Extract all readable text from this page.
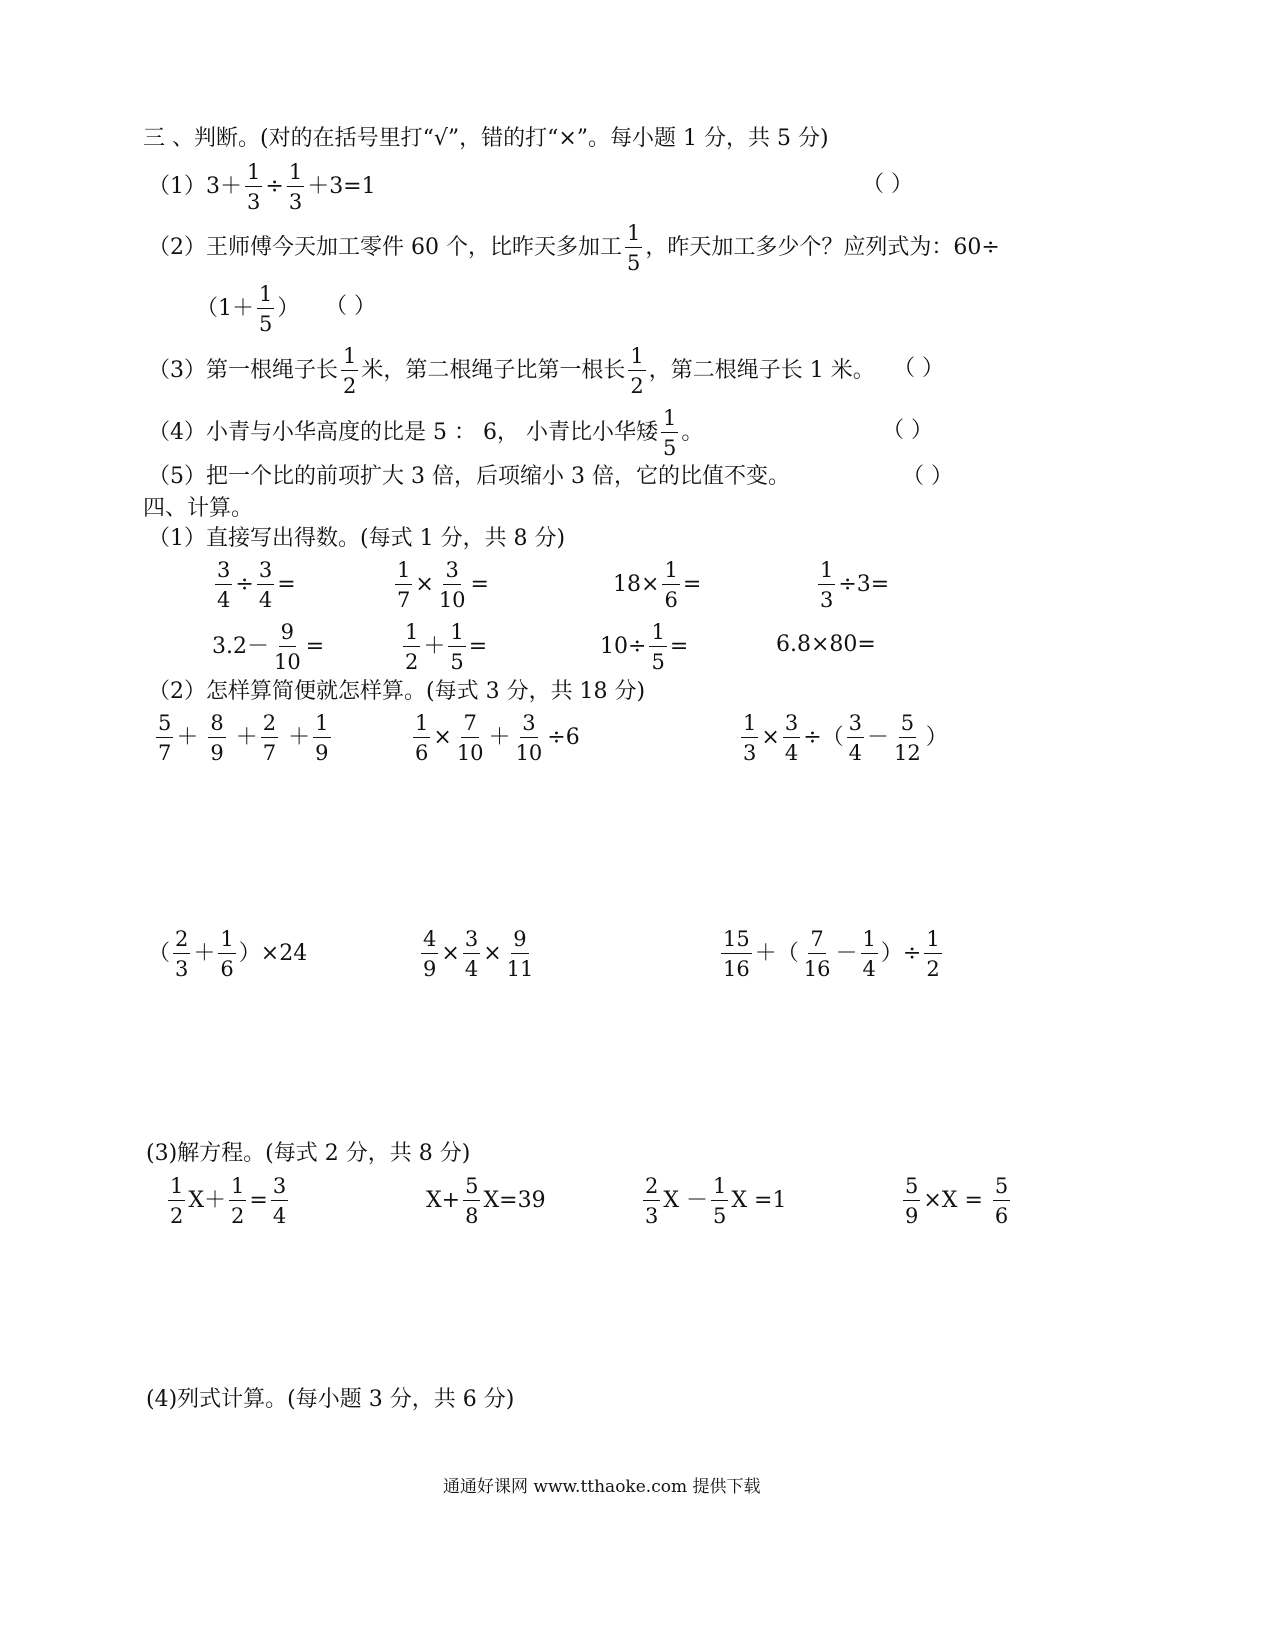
三 、判断。(对的在括号里打“√”，错的打“×”。每小题 1 分，共 5 分)
$(1)3+ \frac{1}{3} \div \frac{1}{3} +3=1$	（ ）
（2）王师傅今天加工零件 60 个，比昨天多加工 $\frac{1}{5}$ ，昨天加工多少个？应列式为：60÷
（$1+ \frac{1}{5}$ ） （ ）
（3）第一根绳子长 $\frac{1}{2}$ 米，第二根绳子比第一根长 $\frac{1}{2}$ ，第二根绳子长 1 米。 （ ）
（4）小青与小华高度的比是 5 ： 6， 小青比小华矮 $\frac{1}{5}$ 。	（ ）
（5）把一个比的前项扩大 3 倍，后项缩小 3 倍，它的比值不变。	（ ）
四、计算。
（1）直接写出得数。(每式 1 分，共 8 分)
$\frac{3}{4} \div \frac{3}{4}$ =	$\frac{1}{7} \times \frac{3}{10}$ =	$18\times \frac{1}{6}$ =	$\frac{1}{3} \div 3=$
$3.2- \frac{9}{10}$ =	$\frac{1}{2} + \frac{1}{5}$ =	$10\div \frac{1}{5}$ =	6.8×80=
（2）怎样算简便就怎样算。(每式 3 分，共 18 分)
$\frac{5}{7} + \frac{8}{9} + \frac{2}{7} + \frac{1}{9}$	$\frac{1}{6} \times \frac{7}{10} + \frac{3}{10} \div 6$	$\frac{1}{3} \times \frac{3}{4}$ ÷（ $\frac{3}{4} - \frac{5}{12}$ ）
（ $\frac{2}{3} + \frac{1}{6} )\times 24$	$\frac{4}{9} \times \frac{3}{4} \times \frac{9}{11}$	$\frac{15}{16}$ ＋（ $\frac{7}{16} - \frac{1}{4}$ ）÷ $\frac{1}{2}$
(3)解方程。(每式 2 分，共 8 分)
$\frac{1}{2} X+ \frac{1}{2} = \frac{3}{4}$	$X+ \frac{5}{8} X=39$	$\frac{2}{3}$ $X - \frac{1}{5}$ X =1	$\frac{5}{9} \times X = \frac{5}{6}$
(4)列式计算。(每小题 3 分，共 6 分)
通通好课网 www.tthaoke.com 提供下载
